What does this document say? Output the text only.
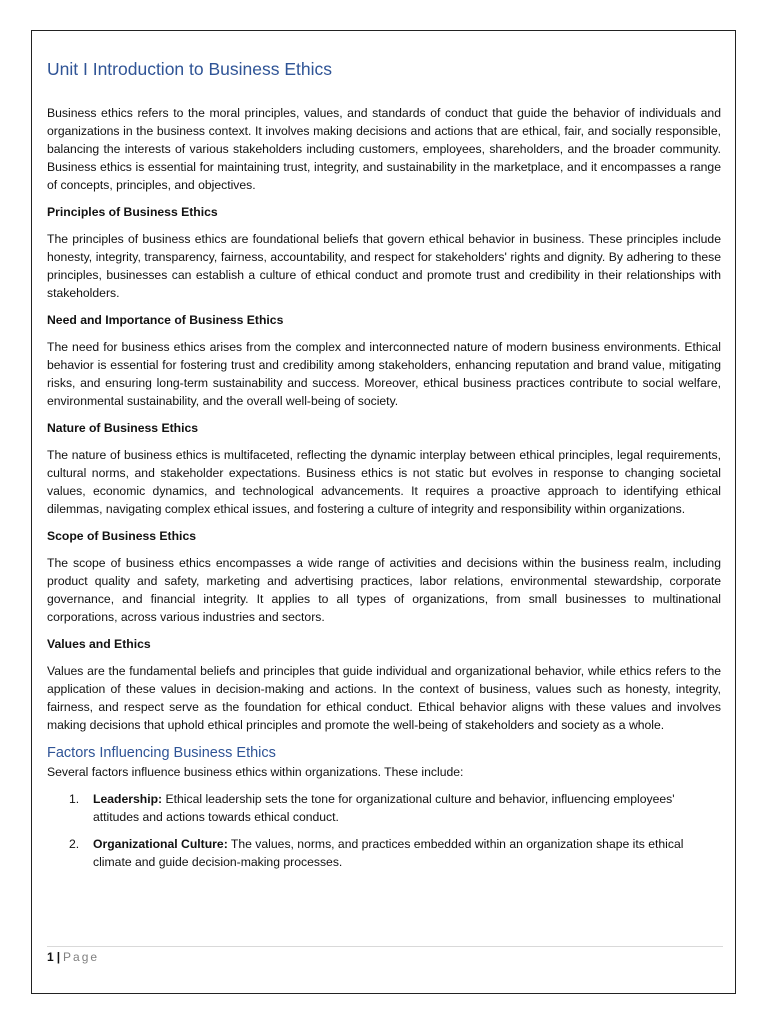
Unit I Introduction to Business Ethics

Business ethics refers to the moral principles, values, and standards of conduct that guide the behavior of individuals and organizations in the business context. It involves making decisions and actions that are ethical, fair, and socially responsible, balancing the interests of various stakeholders including customers, employees, shareholders, and the broader community. Business ethics is essential for maintaining trust, integrity, and sustainability in the marketplace, and it encompasses a range of concepts, principles, and objectives.

Principles of Business Ethics

The principles of business ethics are foundational beliefs that govern ethical behavior in business. These principles include honesty, integrity, transparency, fairness, accountability, and respect for stakeholders' rights and dignity. By adhering to these principles, businesses can establish a culture of ethical conduct and promote trust and credibility in their relationships with stakeholders.

Need and Importance of Business Ethics

The need for business ethics arises from the complex and interconnected nature of modern business environments. Ethical behavior is essential for fostering trust and credibility among stakeholders, enhancing reputation and brand value, mitigating risks, and ensuring long-term sustainability and success. Moreover, ethical business practices contribute to social welfare, environmental sustainability, and the overall well-being of society.

Nature of Business Ethics

The nature of business ethics is multifaceted, reflecting the dynamic interplay between ethical principles, legal requirements, cultural norms, and stakeholder expectations. Business ethics is not static but evolves in response to changing societal values, economic dynamics, and technological advancements. It requires a proactive approach to identifying ethical dilemmas, navigating complex ethical issues, and fostering a culture of integrity and responsibility within organizations.

Scope of Business Ethics

The scope of business ethics encompasses a wide range of activities and decisions within the business realm, including product quality and safety, marketing and advertising practices, labor relations, environmental stewardship, corporate governance, and financial integrity. It applies to all types of organizations, from small businesses to multinational corporations, across various industries and sectors.

Values and Ethics

Values are the fundamental beliefs and principles that guide individual and organizational behavior, while ethics refers to the application of these values in decision-making and actions. In the context of business, values such as honesty, integrity, fairness, and respect serve as the foundation for ethical conduct. Ethical behavior aligns with these values and involves making decisions that uphold ethical principles and promote the well-being of stakeholders and society as a whole.

Factors Influencing Business Ethics
Several factors influence business ethics within organizations. These include:
1. Leadership: Ethical leadership sets the tone for organizational culture and behavior, influencing employees' attitudes and actions towards ethical conduct.
2. Organizational Culture: The values, norms, and practices embedded within an organization shape its ethical climate and guide decision-making processes.
1 | Page
